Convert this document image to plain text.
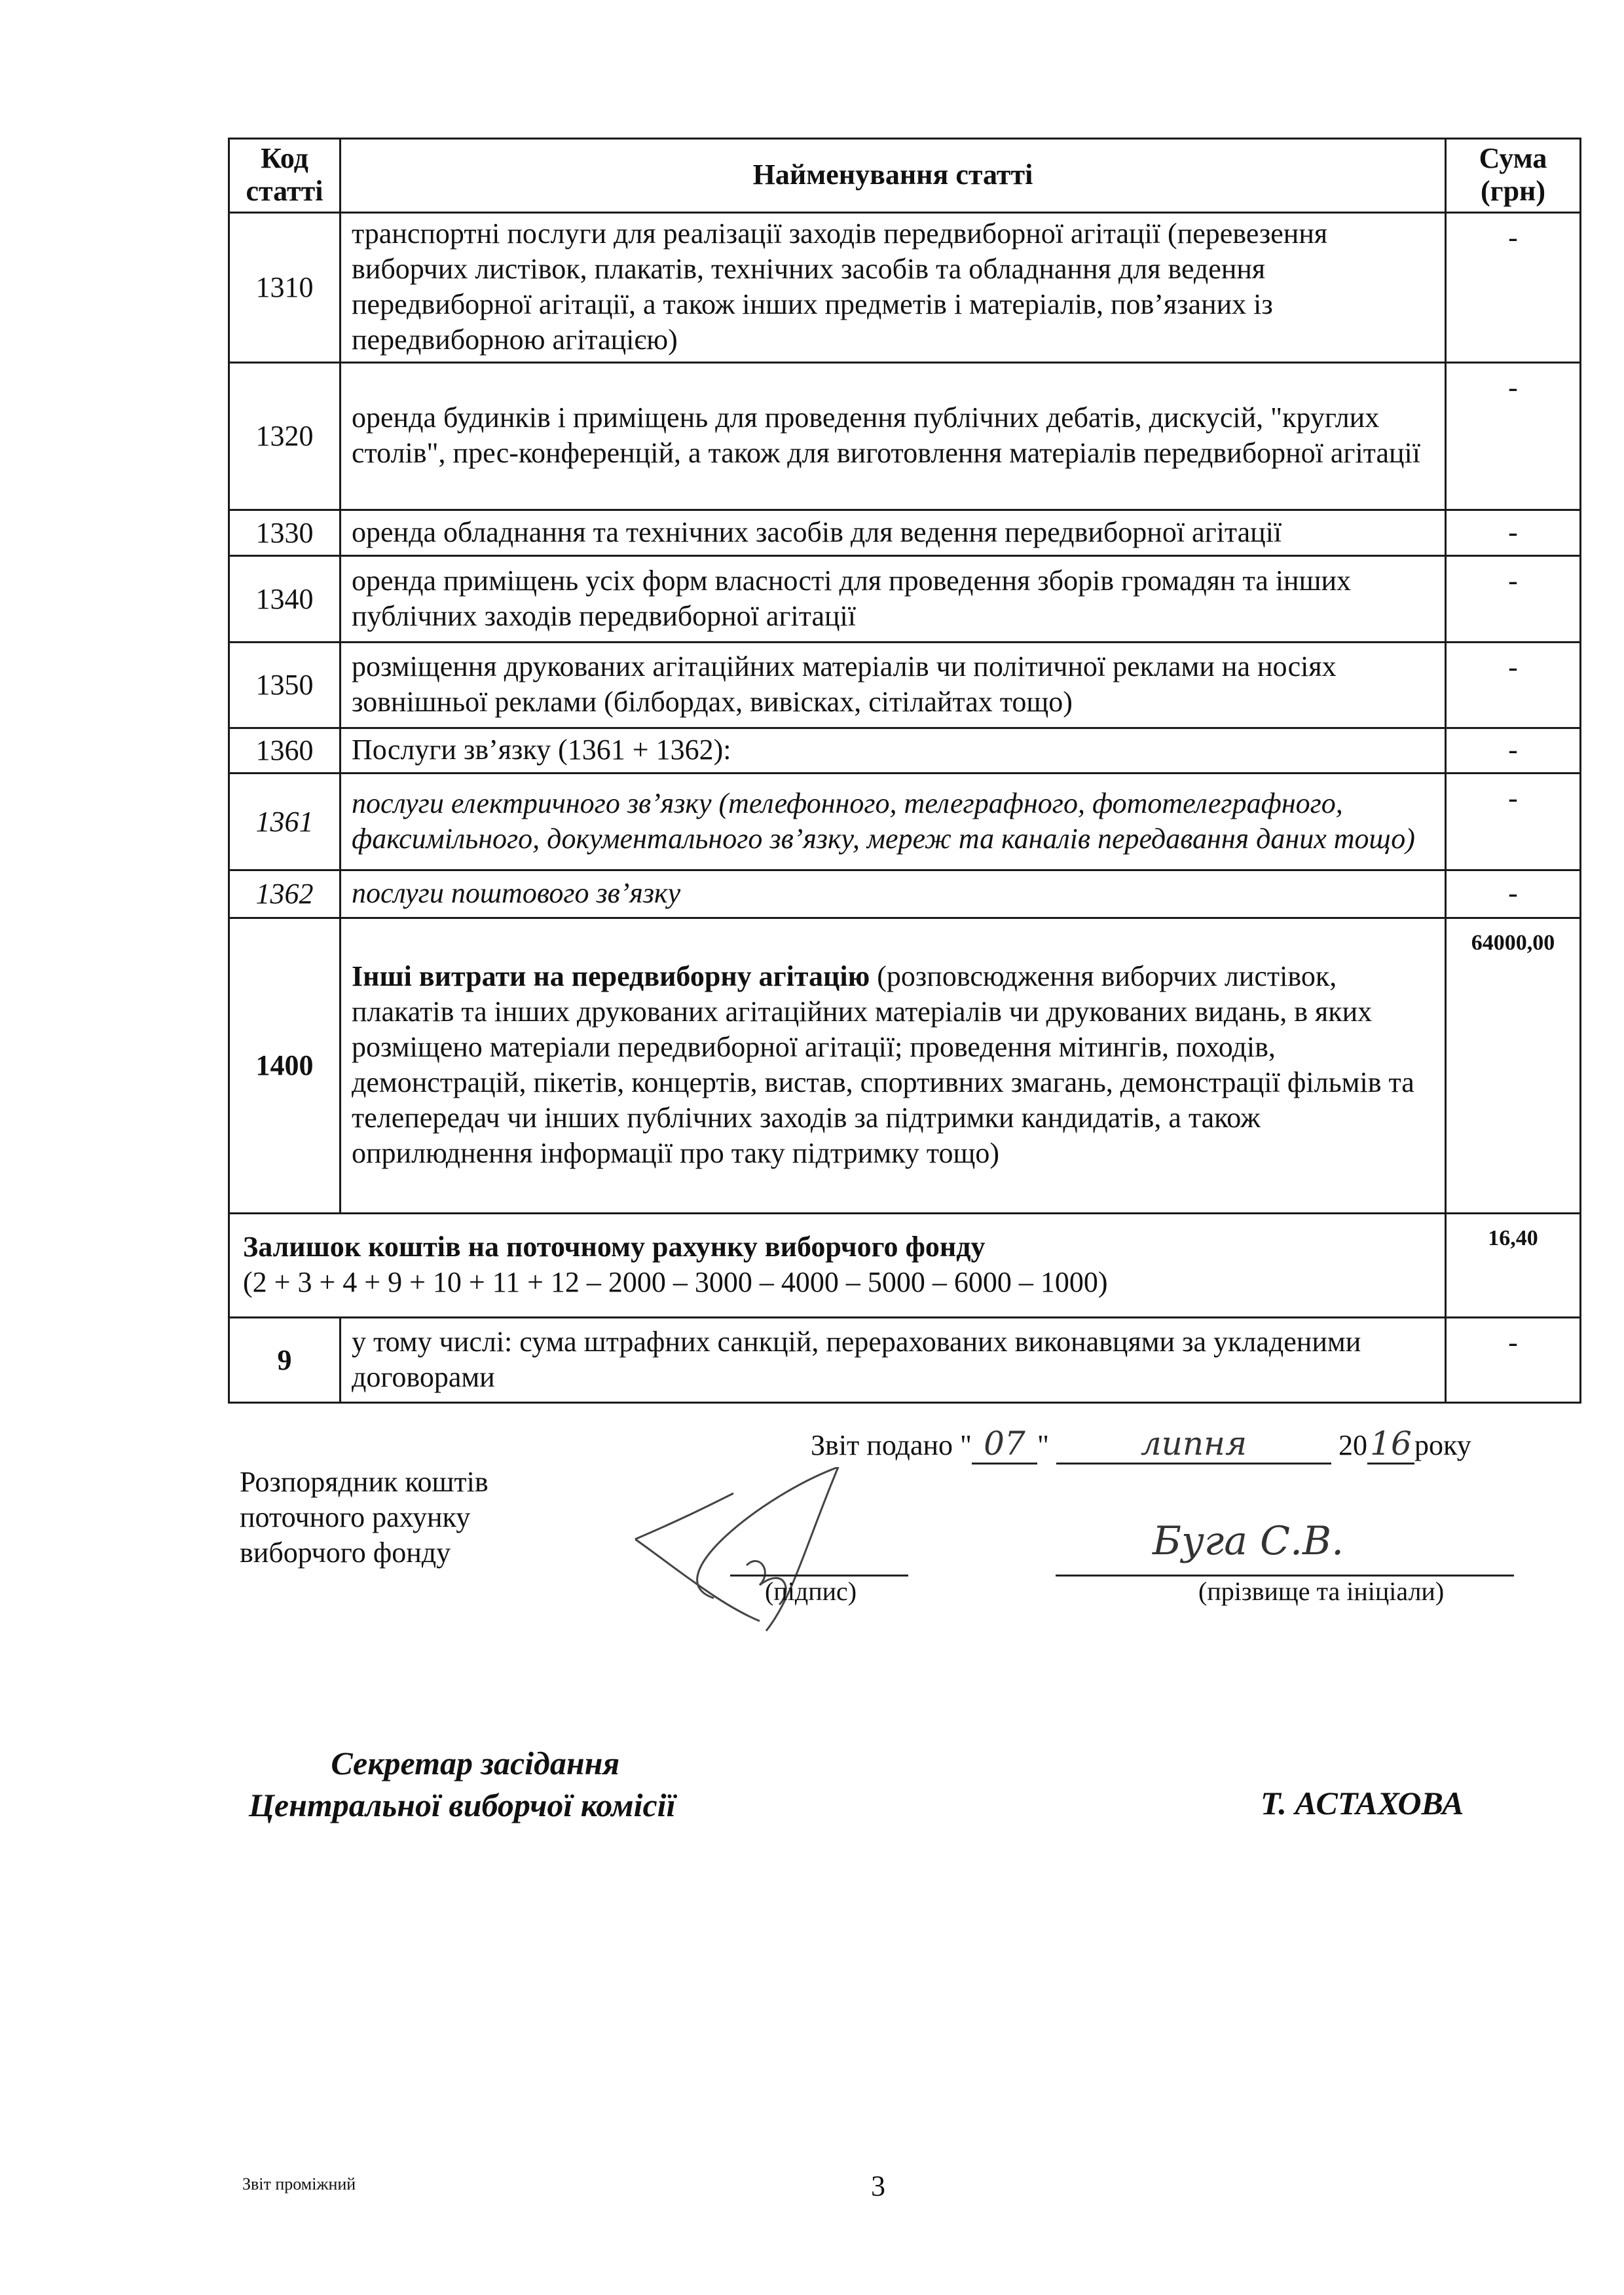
Код статті	Найменування статті	Сума (грн)
1310	транспортні послуги для реалізації заходів передвиборної агітації (перевезення виборчих листівок, плакатів, технічних засобів та обладнання для ведення передвиборної агітації, а також інших предметів і матеріалів, пов’язаних із передвиборною агітацією)	-
1320	оренда будинків і приміщень для проведення публічних дебатів, дискусій, "круглих столів", прес-конференцій, а також для виготовлення матеріалів передвиборної агітації	-
1330	оренда обладнання та технічних засобів для ведення передвиборної агітації	-
1340	оренда приміщень усіх форм власності для проведення зборів громадян та інших публічних заходів передвиборної агітації	-
1350	розміщення друкованих агітаційних матеріалів чи політичної реклами на носіях зовнішньої реклами (білбордах, вивісках, сітілайтах тощо)	-
1360	Послуги зв’язку (1361 + 1362):	-
1361	послуги електричного зв’язку (телефонного, телеграфного, фототелеграфного, факсимільного, документального зв’язку, мереж та каналів передавання даних тощо)	-
1362	послуги поштового зв’язку	-
1400	Інші витрати на передвиборну агітацію (розповсюдження виборчих листівок, плакатів та інших друкованих агітаційних матеріалів чи друкованих видань, в яких розміщено матеріали передвиборної агітації; проведення мітингів, походів, демонстрацій, пікетів, концертів, вистав, спортивних змагань, демонстрації фільмів та телепередач чи інших публічних заходів за підтримки кандидатів, а також оприлюднення інформації про таку підтримку тощо)	64000,00

Залишок коштів на поточному рахунку виборчого фонду
(2 + 3 + 4 + 9 + 10 + 11 + 12 – 2000 – 3000 – 4000 – 5000 – 6000 – 1000)		16,40
9	у тому числі: сума штрафних санкцій, перерахованих виконавцями за укладеними договорами	-
Звіт подано " 07 "	липня	2016року
Розпорядник коштів
поточного рахунку
виборчого фонду
(підпис)
Буга С.В.
(прізвище та ініціали)
Секретар засідання
Центральної виборчої комісії	Т. АСТАХОВА
Звіт проміжний	3
